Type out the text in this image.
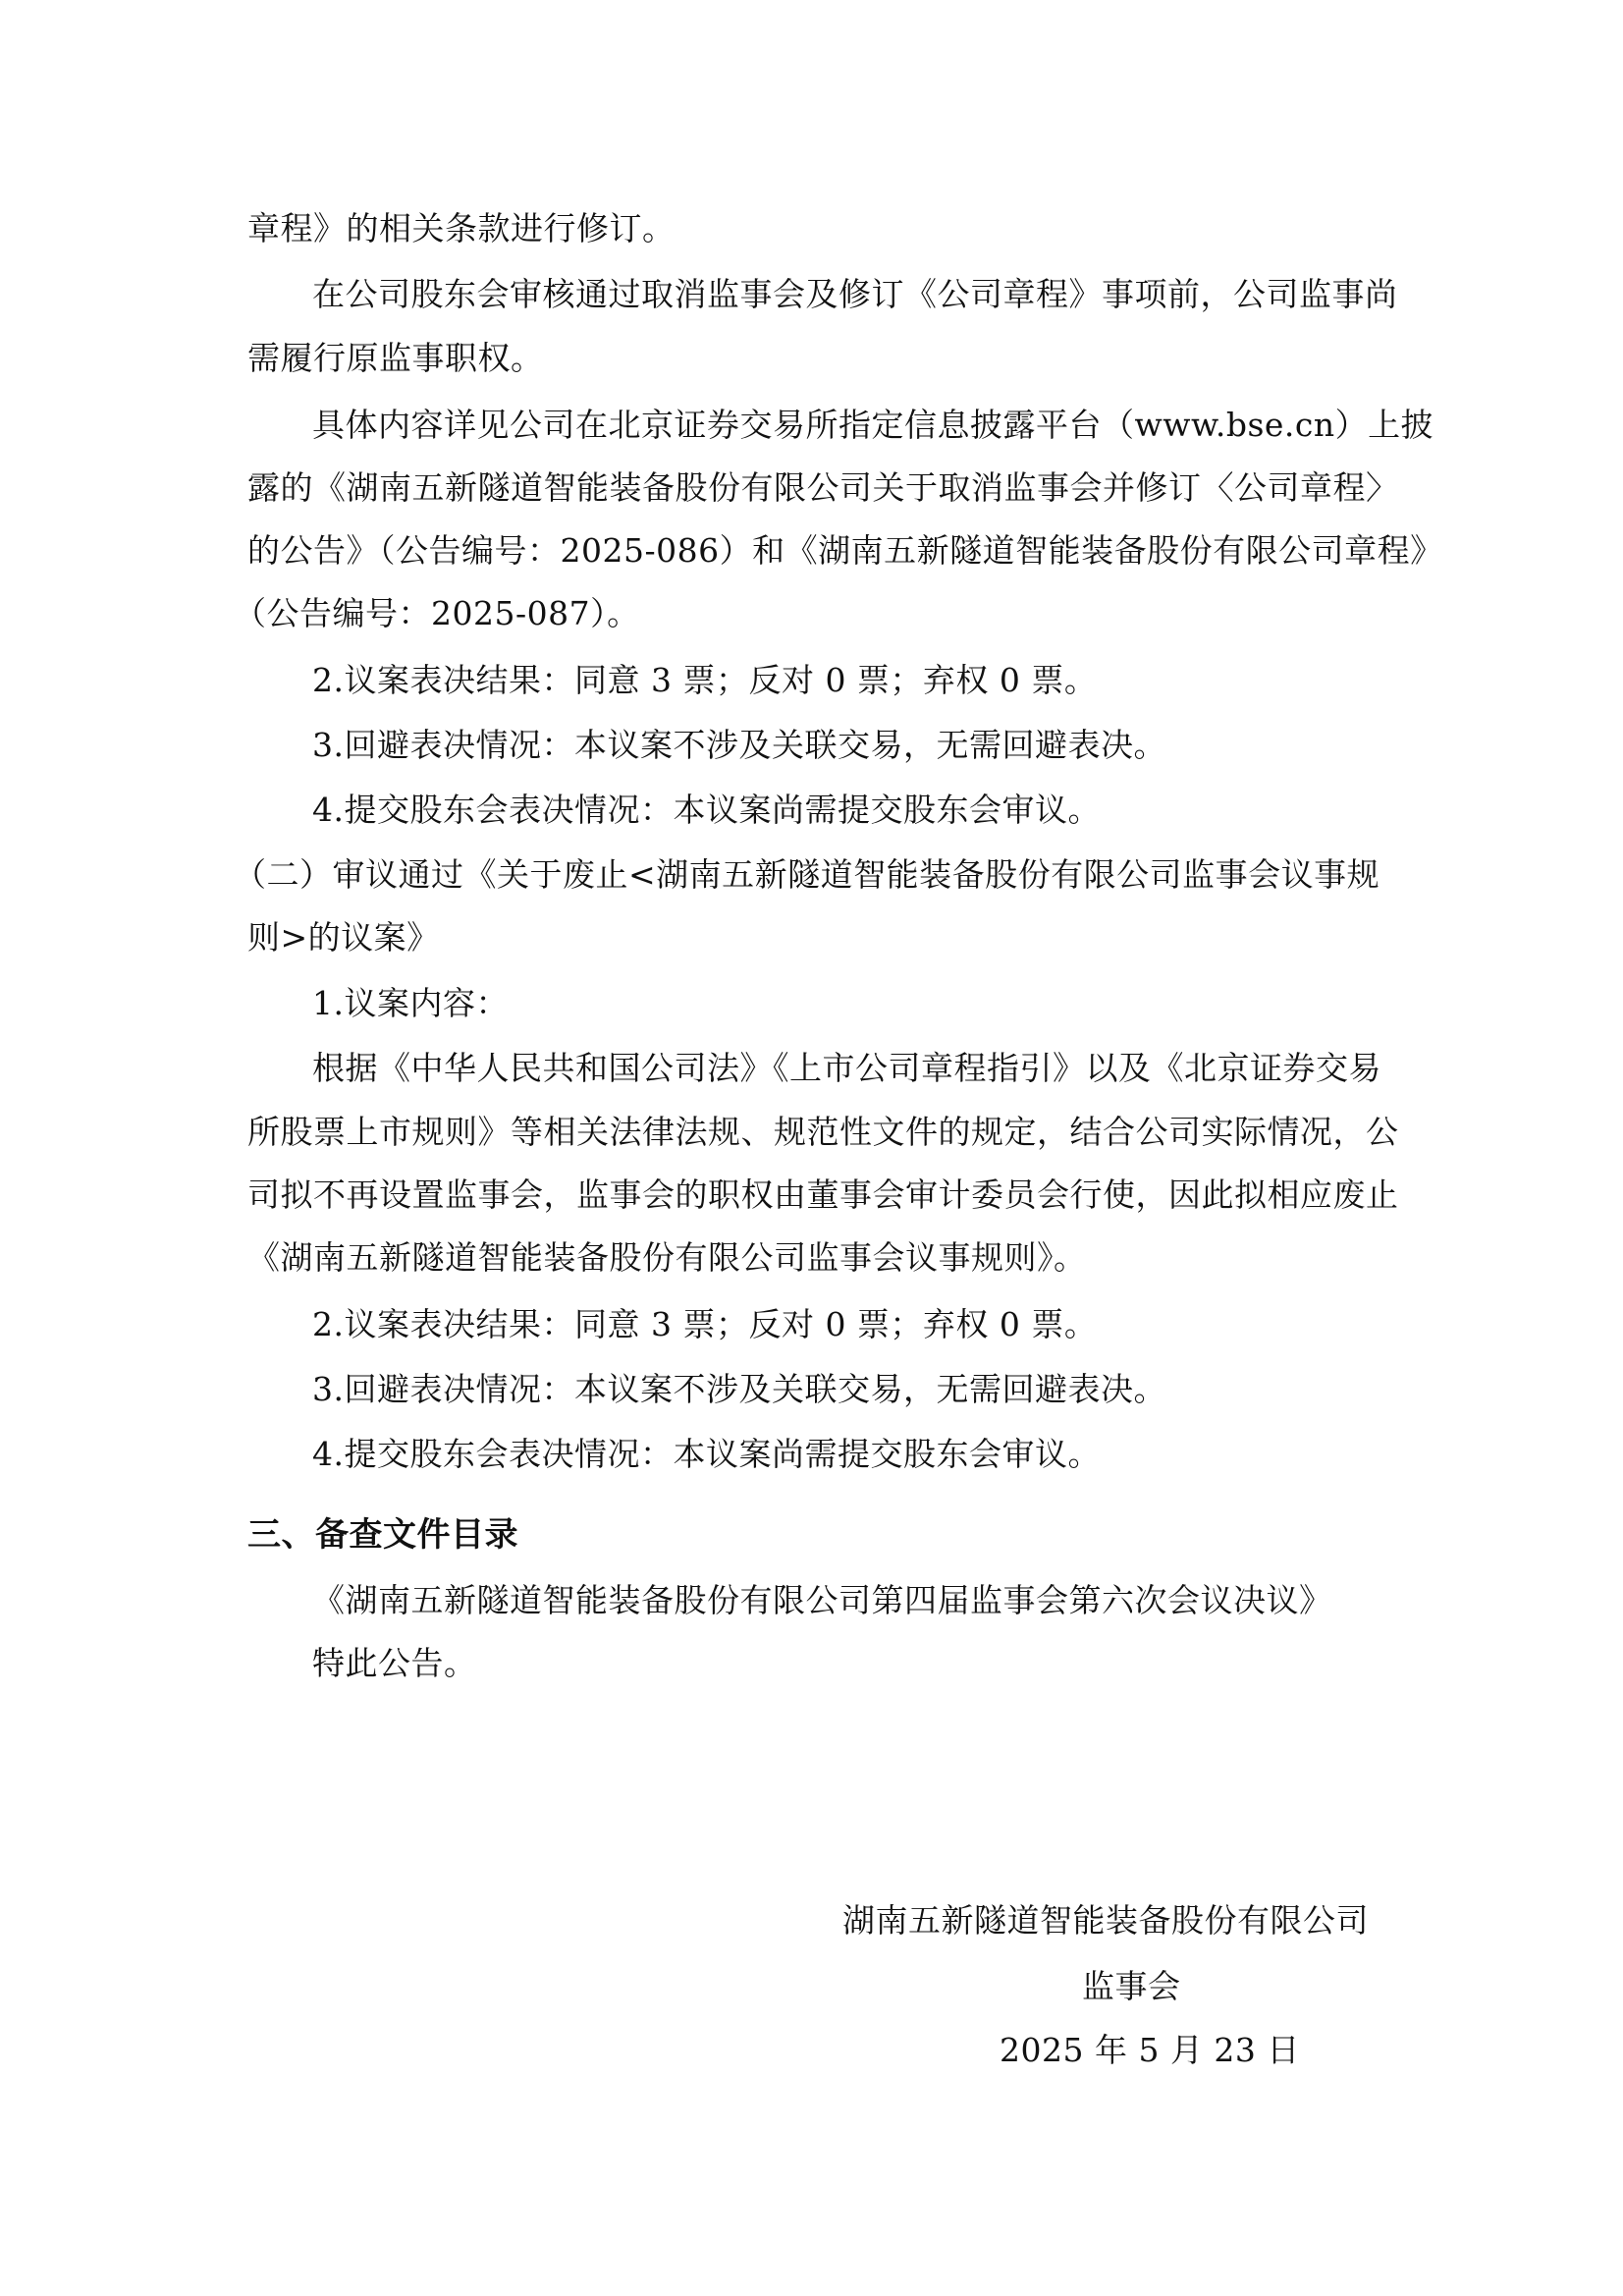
章程》的相关条款进行修订。
在公司股东会审核通过取消监事会及修订《公司章程》事项前，公司监事尚
需履行原监事职权。
具体内容详见公司在北京证券交易所指定信息披露平台（www.bse.cn）上披
露的《湖南五新隧道智能装备股份有限公司关于取消监事会并修订〈公司章程〉
的公告》（公告编号：2025-086）和《湖南五新隧道智能装备股份有限公司章程》
（公告编号：2025-087）。
2.议案表决结果：同意 3 票；反对 0 票；弃权 0 票。
3.回避表决情况：本议案不涉及关联交易，无需回避表决。
4.提交股东会表决情况：本议案尚需提交股东会审议。
（二）审议通过《关于废止<湖南五新隧道智能装备股份有限公司监事会议事规
则>的议案》
1.议案内容：
根据《中华人民共和国公司法》《上市公司章程指引》以及《北京证券交易
所股票上市规则》等相关法律法规、规范性文件的规定，结合公司实际情况，公
司拟不再设置监事会，监事会的职权由董事会审计委员会行使，因此拟相应废止
《湖南五新隧道智能装备股份有限公司监事会议事规则》。
2.议案表决结果：同意 3 票；反对 0 票；弃权 0 票。
3.回避表决情况：本议案不涉及关联交易，无需回避表决。
4.提交股东会表决情况：本议案尚需提交股东会审议。
三、备查文件目录
《湖南五新隧道智能装备股份有限公司第四届监事会第六次会议决议》
特此公告。
湖南五新隧道智能装备股份有限公司
监事会
2025 年 5 月 23 日
